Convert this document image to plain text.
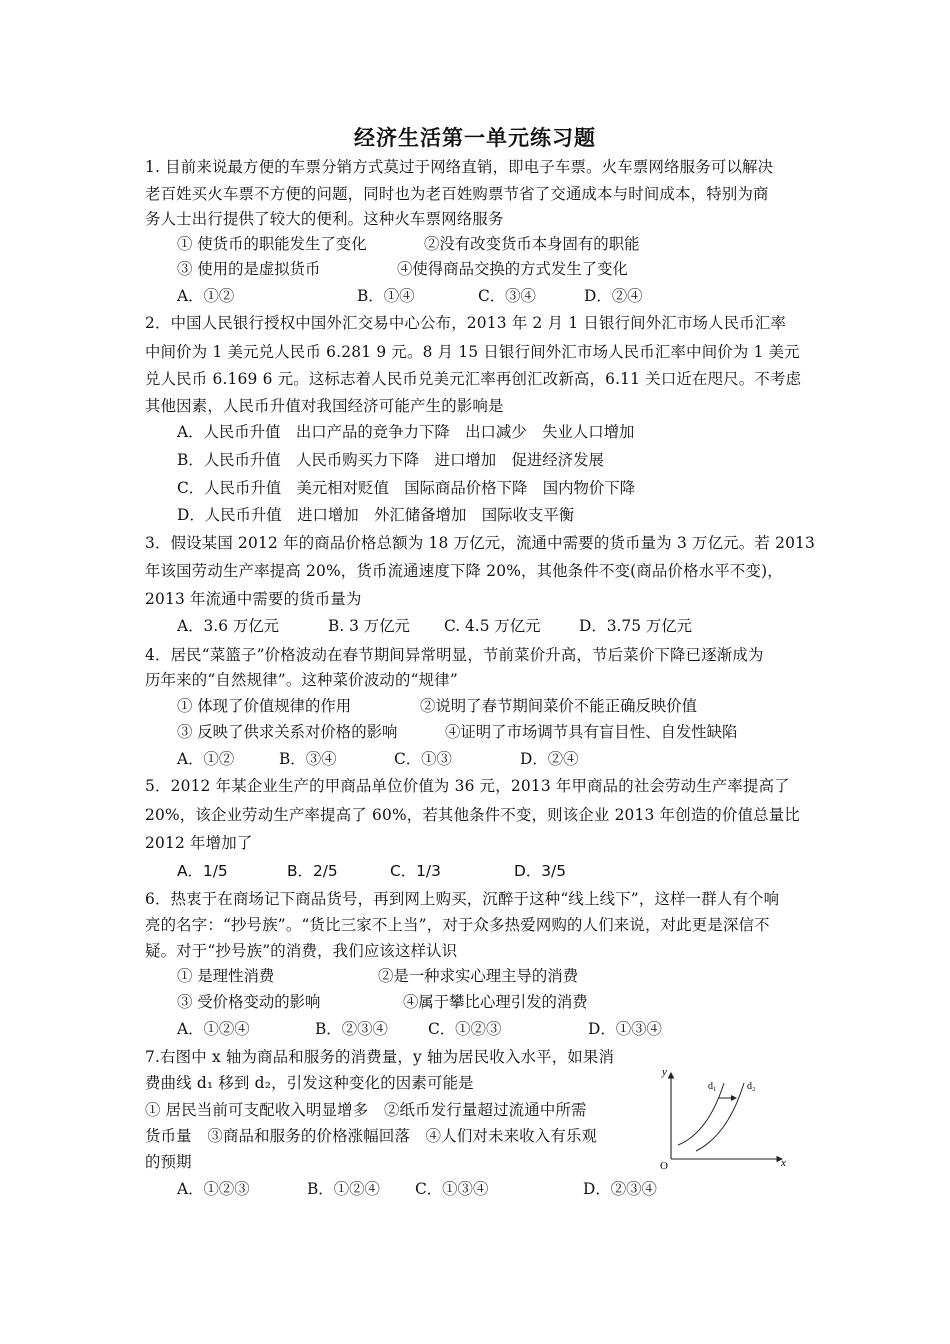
经济生活第一单元练习题
1. 目前来说最方便的车票分销方式莫过于网络直销，即电子车票。火车票网络服务可以解决
老百姓买火车票不方便的问题，同时也为老百姓购票节省了交通成本与时间成本，特别为商
务人士出行提供了较大的便利。这种火车票网络服务
① 使货币的职能发生了变化	②没有改变货币本身固有的职能
③ 使用的是虚拟货币	④使得商品交换的方式发生了变化
A．①②	B．①④	C．③④	D．②④
2．中国人民银行授权中国外汇交易中心公布，2013 年 2 月 1 日银行间外汇市场人民币汇率
中间价为 1 美元兑人民币 6.281 9 元。8 月 15 日银行间外汇市场人民币汇率中间价为 1 美元
兑人民币 6.169 6 元。这标志着人民币兑美元汇率再创汇改新高，6.11 关口近在咫尺。不考虑
其他因素，人民币升值对我国经济可能产生的影响是
A．人民币升值　出口产品的竞争力下降　出口减少　失业人口增加
B．人民币升值　人民币购买力下降　进口增加　促进经济发展
C．人民币升值　美元相对贬值　国际商品价格下降　国内物价下降
D．人民币升值　进口增加　外汇储备增加　国际收支平衡
3．假设某国 2012 年的商品价格总额为 18 万亿元，流通中需要的货币量为 3 万亿元。若 2013
年该国劳动生产率提高 20%，货币流通速度下降 20%，其他条件不变(商品价格水平不变)，
2013 年流通中需要的货币量为
A．3.6 万亿元	B. 3 万亿元 C. 4.5 万亿元 D．3.75 万亿元
4．居民“菜篮子”价格波动在春节期间异常明显，节前菜价升高，节后菜价下降已逐渐成为
历年来的“自然规律”。这种菜价波动的“规律”
① 体现了价值规律的作用	②说明了春节期间菜价不能正确反映价值
③ 反映了供求关系对价格的影响	④证明了市场调节具有盲目性、自发性缺陷
A．①②	B．③④	C．①③	D．②④
5．2012 年某企业生产的甲商品单位价值为 36 元，2013 年甲商品的社会劳动生产率提高了
20%，该企业劳动生产率提高了 60%，若其他条件不变，则该企业 2013 年创造的价值总量比
2012 年增加了
A．1/5	B．2/5	C．1/3	D．3/5
6．热衷于在商场记下商品货号，再到网上购买，沉醉于这种“线上线下”，这样一群人有个响
亮的名字：“抄号族”。“货比三家不上当”，对于众多热爱网购的人们来说，对此更是深信不
疑。对于“抄号族”的消费，我们应该这样认识
① 是理性消费	②是一种求实心理主导的消费
③ 受价格变动的影响	④属于攀比心理引发的消费
A．①②④	B．②③④	C．①②③	D．①③④
7.右图中 x 轴为商品和服务的消费量，y 轴为居民收入水平，如果消
费曲线 d₁ 移到 d₂，引发这种变化的因素可能是
① 居民当前可支配收入明显增多　②纸币发行量超过流通中所需
货币量　③商品和服务的价格涨幅回落　④人们对未来收入有乐观
的预期
A．①②③	B．①②④ C．①③④	D．②③④
y
x
O
d₁	d₂
